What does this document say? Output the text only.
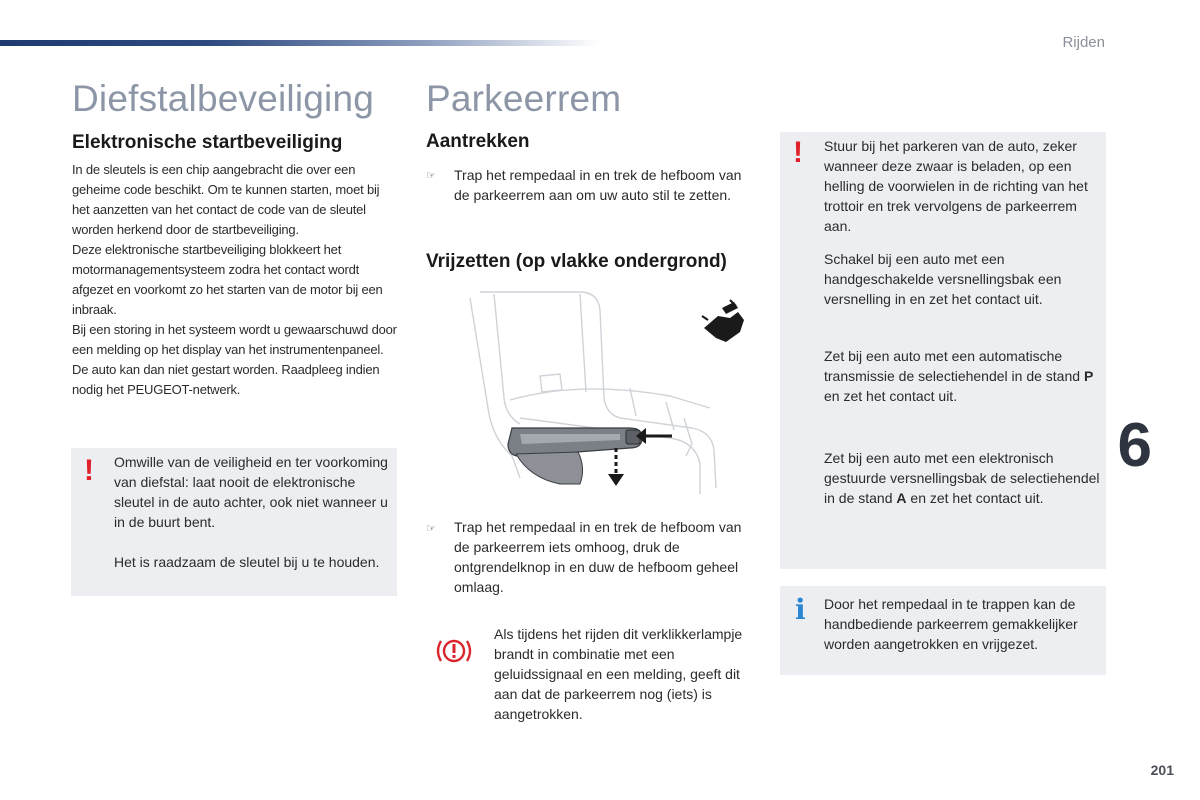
Rijden
Diefstalbeveiliging
Elektronische startbeveiliging

In de sleutels is een chip aangebracht die over een geheime code beschikt. Om te kunnen starten, moet bij het aanzetten van het contact de code van de sleutel worden herkend door de startbeveiliging.

Deze elektronische startbeveiliging blokkeert het motormanagementsysteem zodra het contact wordt afgezet en voorkomt zo het starten van de motor bij een inbraak.

Bij een storing in het systeem wordt u gewaarschuwd door een melding op het display van het instrumentenpaneel.

De auto kan dan niet gestart worden. Raadpleeg indien nodig het PEUGEOT-netwerk.

! Omwille van de veiligheid en ter voorkoming van diefstal: laat nooit de elektronische sleutel in de auto achter, ook niet wanneer u in de buurt bent.

Het is raadzaam de sleutel bij u te houden.

Parkeerrem
Aantrekken
☞ Trap het rempedaal in en trek de hefboom van de parkeerrem aan om uw auto stil te zetten.
Vrijzetten (op vlakke ondergrond)
☞ Trap het rempedaal in en trek de hefboom van de parkeerrem iets omhoog, druk de ontgrendelknop in en duw de hefboom geheel omlaag.
Als tijdens het rijden dit verklikkerlampje brandt in combinatie met een geluidssignaal en een melding, geeft dit aan dat de parkeerrem nog (iets) is aangetrokken.
! Stuur bij het parkeren van de auto, zeker wanneer deze zwaar is beladen, op een helling de voorwielen in de richting van het trottoir en trek vervolgens de parkeerrem aan.
Schakel bij een auto met een handgeschakelde versnellingsbak een versnelling in en zet het contact uit.
Zet bij een auto met een automatische transmissie de selectiehendel in de stand P en zet het contact uit.
Zet bij een auto met een elektronisch gestuurde versnellingsbak de selectiehendel in de stand A en zet het contact uit.
i Door het rempedaal in te trappen kan de handbediende parkeerrem gemakkelijker worden aangetrokken en vrijgezet.
6
201
